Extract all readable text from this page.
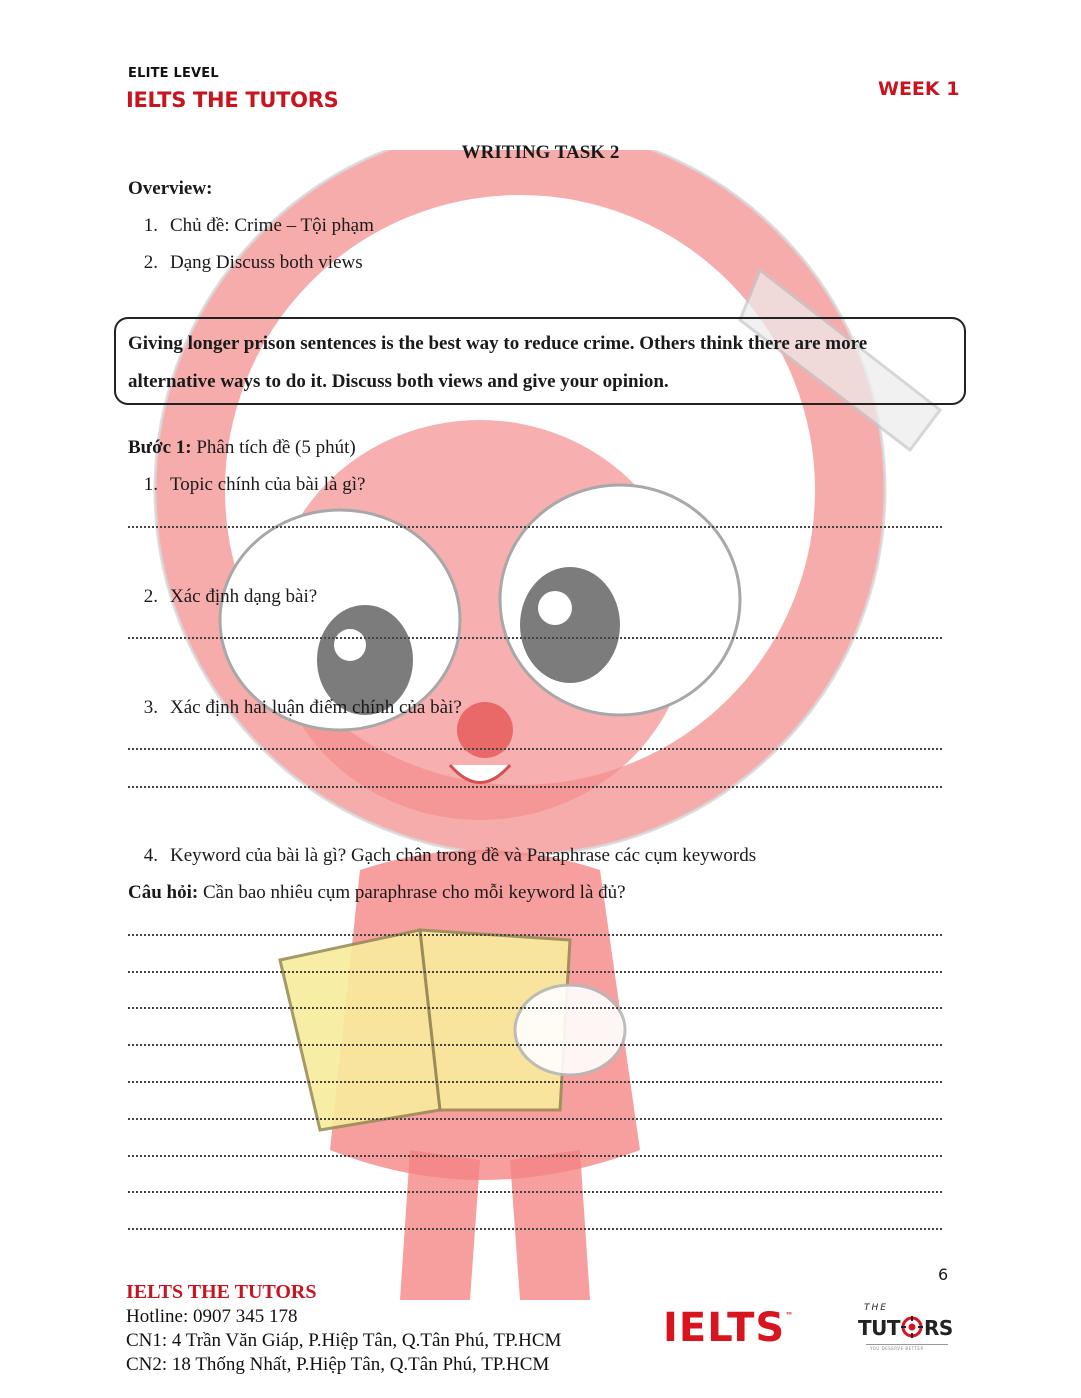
ELITE LEVEL
IELTS THE TUTORS	WEEK 1
WRITING TASK 2
Overview:
1. Chủ đề: Crime – Tội phạm
2. Dạng Discuss both views
Giving longer prison sentences is the best way to reduce crime. Others think there are more
alternative ways to do it. Discuss both views and give your opinion.
Bước 1: Phân tích đề (5 phút)
1. Topic chính của bài là gì?
2. Xác định dạng bài?
3. Xác định hai luận điểm chính của bài?
4. Keyword của bài là gì? Gạch chân trong đề và Paraphrase các cụm keywords
Câu hỏi: Cần bao nhiêu cụm paraphrase cho mỗi keyword là đủ?
6
IELTS THE TUTORS
Hotline: 0907 345 178
CN1: 4 Trần Văn Giáp, P.Hiệp Tân, Q.Tân Phú, TP.HCM
CN2: 18 Thống Nhất, P.Hiệp Tân, Q.Tân Phú, TP.HCM
IELTS™
THE
TUT RS
YOU DESERVE BETTER
